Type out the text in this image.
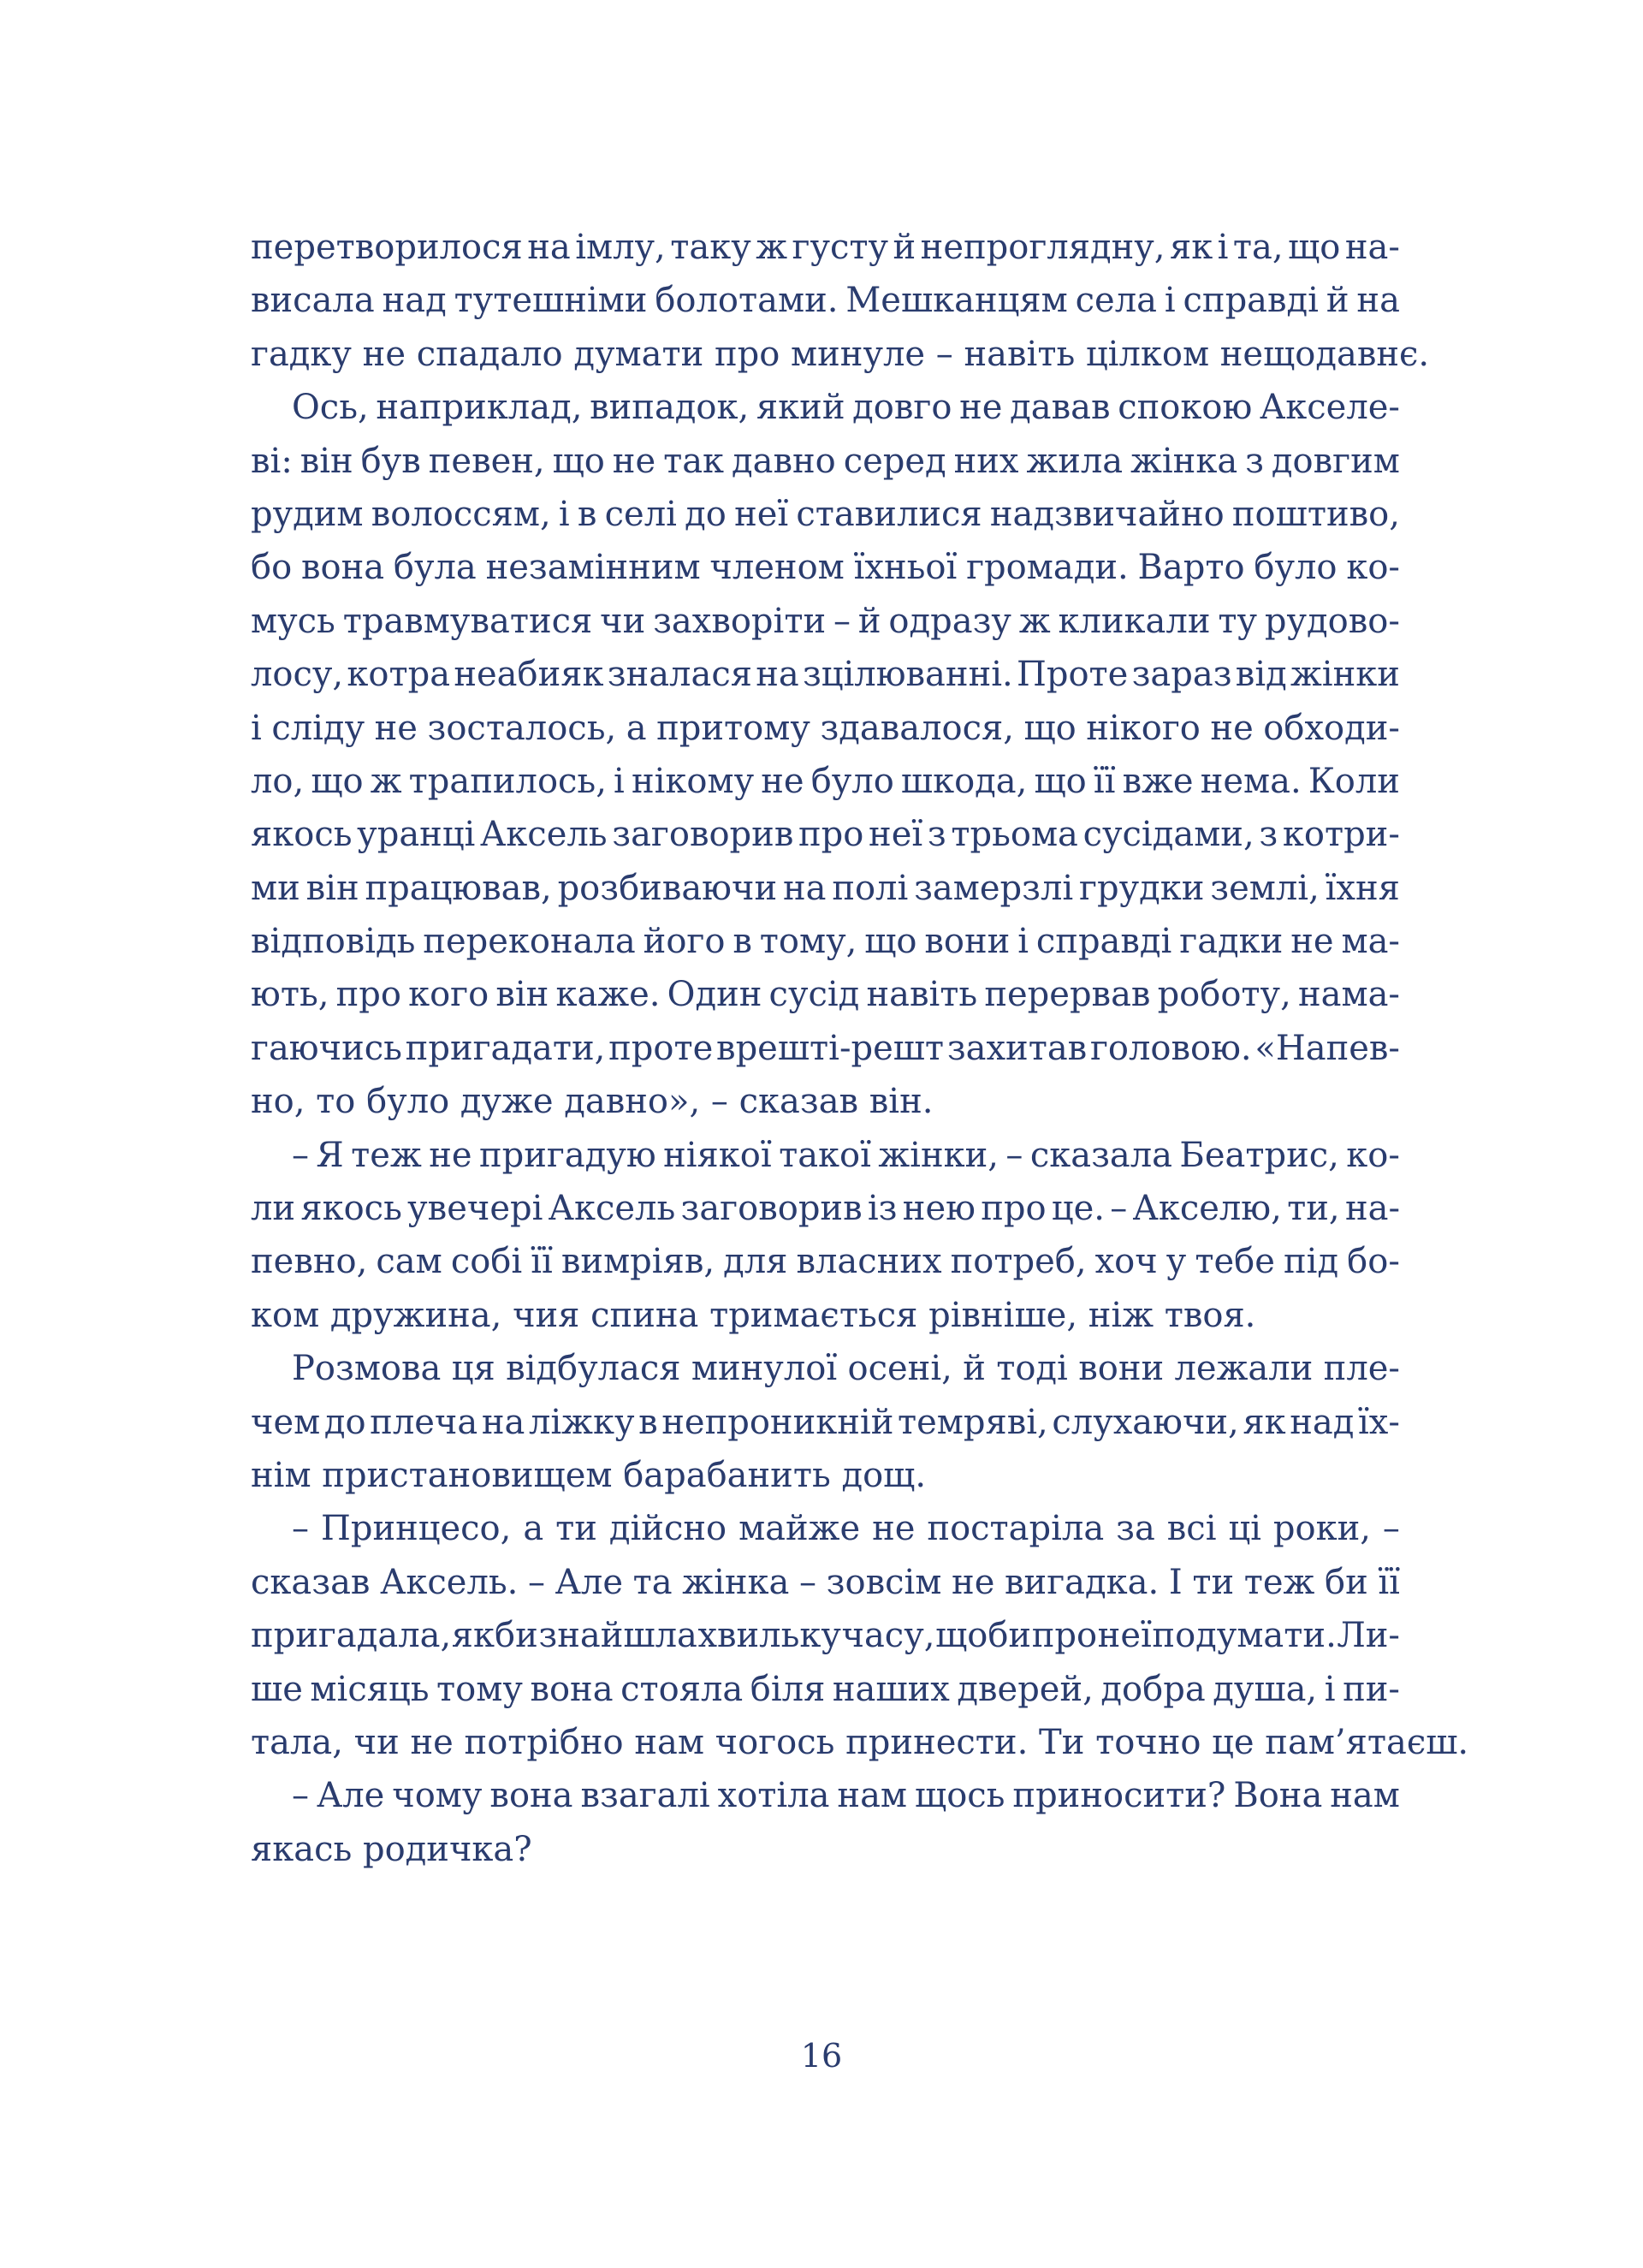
перетворилося на імлу, таку ж густу й непроглядну, як і та, що на-
висала над тутешніми болотами. Мешканцям села і справді й на
гадку не спадало думати про минуле – навіть цілком нещодавнє.
Ось, наприклад, випадок, який довго не давав спокою Акселе-
ві: він був певен, що не так давно серед них жила жінка з довгим
рудим волоссям, і в селі до неї ставилися надзвичайно поштиво,
бо вона була незамінним членом їхньої громади. Варто було ко-
мусь травмуватися чи захворіти – й одразу ж кликали ту рудово-
лосу, котра неабияк зналася на зцілюванні. Проте зараз від жінки
і сліду не зосталось, а притому здавалося, що нікого не обходи-
ло, що ж трапилось, і нікому не було шкода, що її вже нема. Коли
якось уранці Аксель заговорив про неї з трьома сусідами, з котри-
ми він працював, розбиваючи на полі замерзлі грудки землі, їхня
відповідь переконала його в тому, що вони і справді гадки не ма-
ють, про кого він каже. Один сусід навіть перервав роботу, нама-
гаючись пригадати, проте врешті-решт захитав головою. «Напев-
но, то було дуже давно», – сказав він.
– Я теж не пригадую ніякої такої жінки, – сказала Беатрис, ко-
ли якось увечері Аксель заговорив із нею про це. – Акселю, ти, на-
певно, сам собі її вимріяв, для власних потреб, хоч у тебе під бо-
ком дружина, чия спина тримається рівніше, ніж твоя.
Розмова ця відбулася минулої осені, й тоді вони лежали пле-
чем до плеча на ліжку в непроникній темряві, слухаючи, як над їх-
нім пристановищем барабанить дощ.
– Принцесо, а ти дійсно майже не постаріла за всі ці роки, –
сказав Аксель. – Але та жінка – зовсім не вигадка. І ти теж би її
пригадала, якби знайшла хвильку часу, щоби про неї подумати. Ли-
ше місяць тому вона стояла біля наших дверей, добра душа, і пи-
тала, чи не потрібно нам чогось принести. Ти точно це пам’ятаєш.
– Але чому вона взагалі хотіла нам щось приносити? Вона нам
якась родичка?
16
